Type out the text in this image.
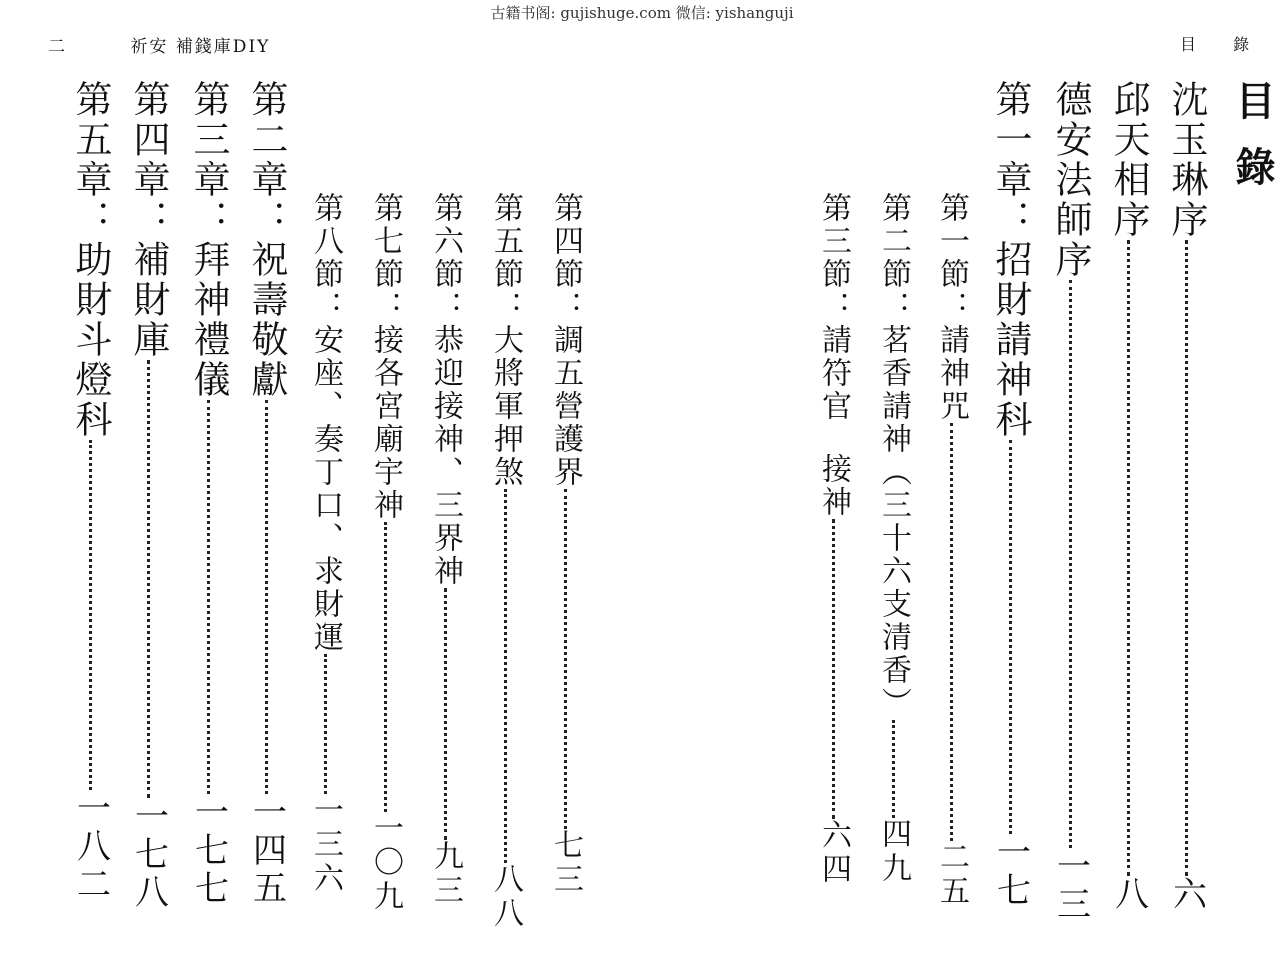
古籍书阁: gujishuge.com 微信: yishanguji
二	祈安 補錢庫DIY	目 錄
目錄
沈玉琳序
六
邱天相序
八
德安法師序
一三
第一章：招財請神科
一七
第一節：請神咒
二五
第二節：茗香請神（三十六支清香）
四九
第三節：請符官
接神
六四
第四節：調五營護界
七三
第五節：大將軍押煞
八八
第六節：恭迎接神、三界神
九三
第七節：接各宮廟宇神
一〇九
第八節：安座、奏丁口、求財運
一三六
第二章：祝壽敬獻
一四五
第三章：拜神禮儀
一七七
第四章：補財庫
一七八
第五章：助財斗燈科
一八二
